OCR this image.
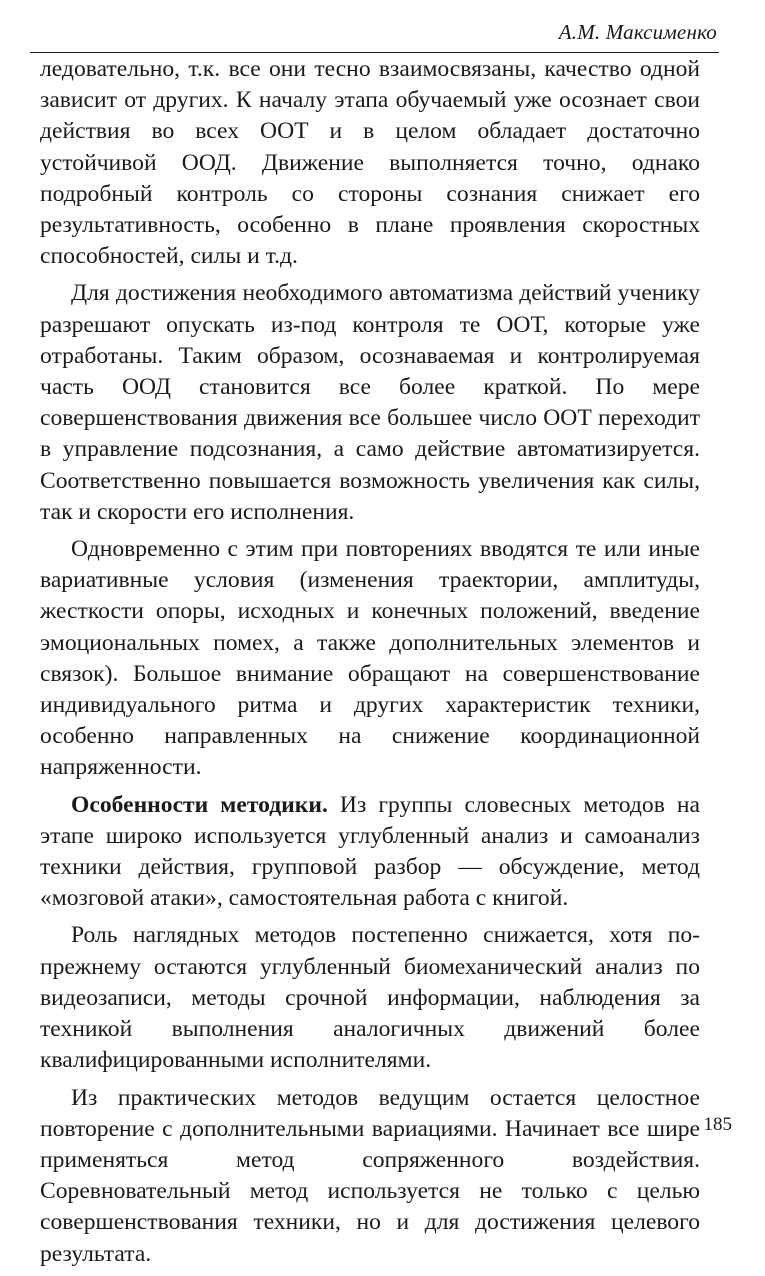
А.М. Максименко

ледовательно, т.к. все они тесно взаимосвязаны, качество одной зависит от других. К началу этапа обучаемый уже осознает свои действия во всех ООТ и в целом обладает достаточно устойчивой ООД. Движение выполняется точно, однако подробный контроль со стороны сознания снижает его результативность, особенно в плане проявления скоростных способностей, силы и т.д.

Для достижения необходимого автоматизма действий ученику разрешают опускать из-под контроля те ООТ, которые уже отработаны. Таким образом, осознаваемая и контролируемая часть ООД становится все более краткой. По мере совершенствования движения все большее число ООТ переходит в управление подсознания, а само действие автоматизируется. Соответственно повышается возможность увеличения как силы, так и скорости его исполнения.

Одновременно с этим при повторениях вводятся те или иные вариативные условия (изменения траектории, амплитуды, жесткости опоры, исходных и конечных положений, введение эмоциональных помех, а также дополнительных элементов и связок). Большое внимание обращают на совершенствование индивидуального ритма и других характеристик техники, особенно направленных на снижение координационной напряженности.

Особенности методики. Из группы словесных методов на этапе широко используется углубленный анализ и самоанализ техники действия, групповой разбор — обсуждение, метод «мозговой атаки», самостоятельная работа с книгой.

Роль наглядных методов постепенно снижается, хотя по-прежнему остаются углубленный биомеханический анализ по видеозаписи, методы срочной информации, наблюдения за техникой выполнения аналогичных движений более квалифицированными исполнителями.

Из практических методов ведущим остается целостное повторение с дополнительными вариациями. Начинает все шире применяться метод сопряженного воздействия. Соревновательный метод используется не только с целью совершенствования техники, но и для достижения целевого результата.

185
